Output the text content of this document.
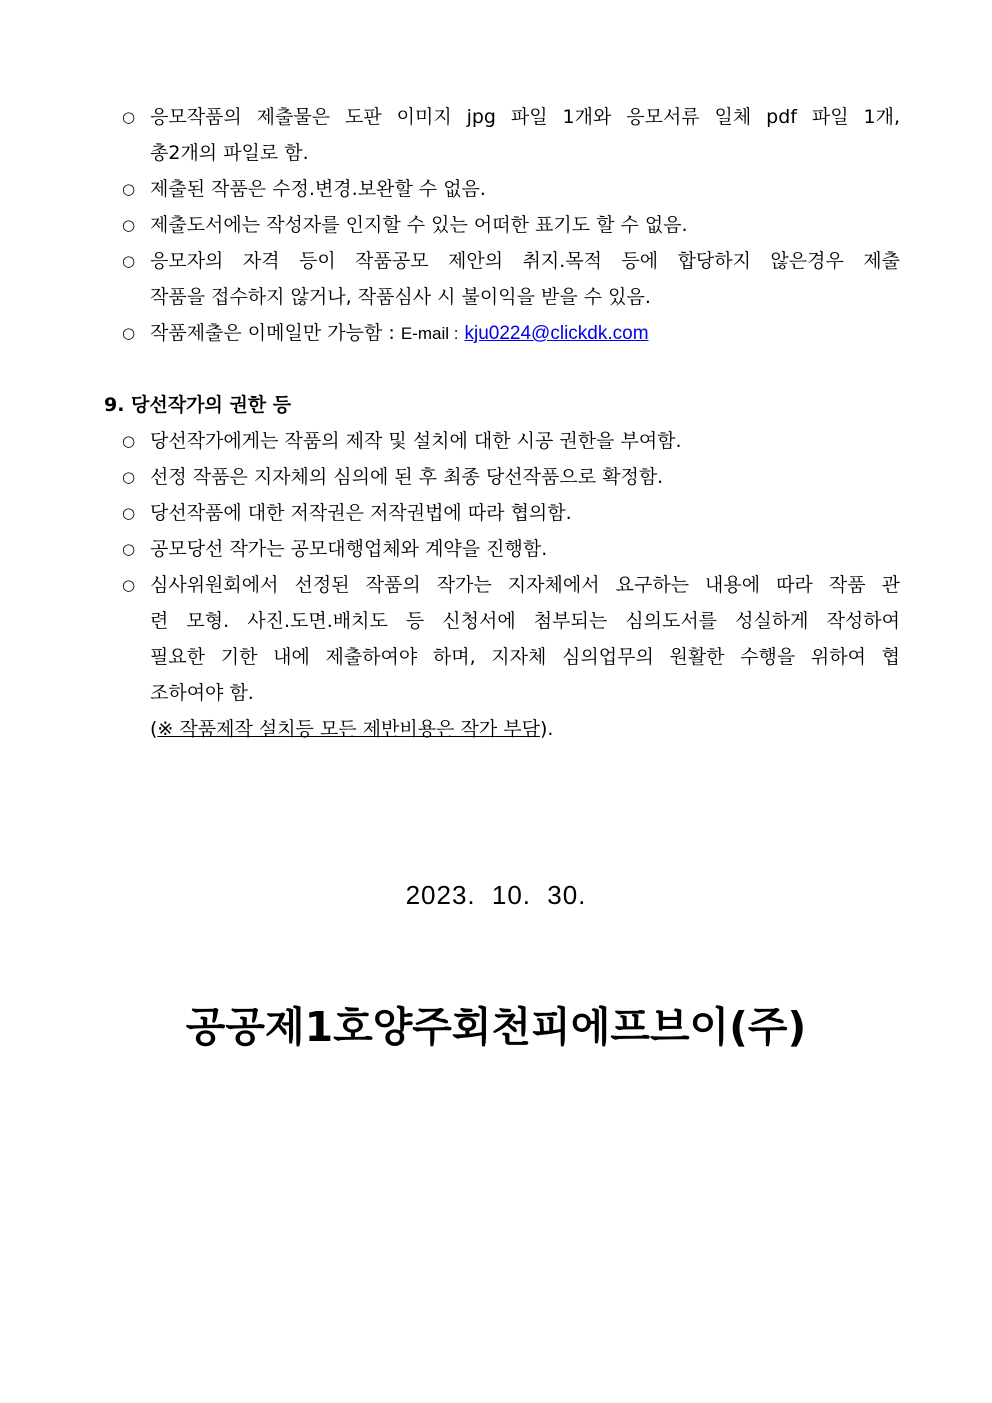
○ 응모작품의 제출물은 도판 이미지 jpg 파일 1개와 응모서류 일체 pdf 파일 1개,
총2개의 파일로 함.
○ 제출된 작품은 수정.변경.보완할 수 없음.
○ 제출도서에는 작성자를 인지할 수 있는 어떠한 표기도 할 수 없음.
○ 응모자의 자격 등이 작품공모 제안의 취지.목적 등에 합당하지 않은경우 제출
작품을 접수하지 않거나, 작품심사 시 불이익을 받을 수 있음.
○ 작품제출은 이메일만 가능함 : E-mail : kju0224@clickdk.com
9. 당선작가의 권한 등
○ 당선작가에게는 작품의 제작 및 설치에 대한 시공 권한을 부여함.
○ 선정 작품은 지자체의 심의에 된 후 최종 당선작품으로 확정함.
○ 당선작품에 대한 저작권은 저작권법에 따라 협의함.
○ 공모당선 작가는 공모대행업체와 계약을 진행함.
○ 심사위원회에서 선정된 작품의 작가는 지자체에서 요구하는 내용에 따라 작품 관
련 모형. 사진.도면.배치도 등 신청서에 첨부되는 심의도서를 성실하게 작성하여
필요한 기한 내에 제출하여야 하며, 지자체 심의업무의 원활한 수행을 위하여 협
조하여야 함.
(※ 작품제작 설치등 모든 제반비용은 작가 부담).
2023. 10. 30.
공공제1호양주회천피에프브이(주)
